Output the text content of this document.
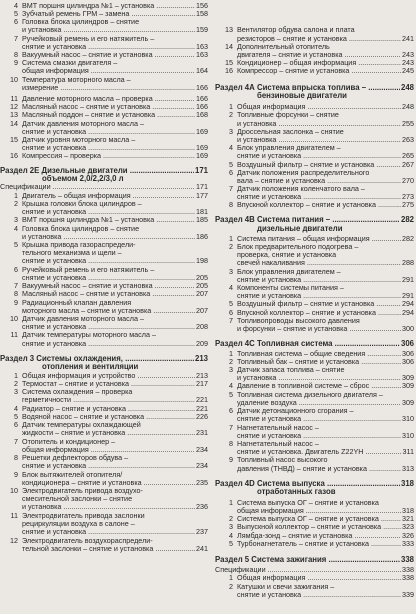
4 ВМТ поршня цилиндра №1 – установка .....	156
5 Зубчатый ремень ГРМ – замена .....	158
6 Головка блока цилиндров – снятие
и установка .....	159
7 Ручейковый ремень и его натяжитель –
снятие и установка .....	163
8 Вакуумный насос – снятие и установка .....	163
9 Система смазки двигателя –
общая информация .....	164
10 Температура моторного масла –
измерение .....	166
11 Давление моторного масла – проверка .....	166
12 Масляный насос – снятие и установка .....	166
13 Масляный поддон – снятие и установка .....	168
14 Датчик давления моторного масла –
снятие и установка .....	169
15 Датчик уровня моторного масла –
снятие и установка .....	169
16 Компрессия – проверка .....	169
Раздел 2E Дизельные двигатели .....	171
объемом 2,0/2,2/3,0 л
Спецификации .....	171
1 Двигатель – общая информация .....	177
2 Крышка головки блока цилиндров –
снятие и установка .....	181
3 ВМТ поршня цилиндра №1 – установка .....	185
4 Головка блока цилиндров – снятие
и установка .....	186
5 Крышка привода газораспредели-
тельного механизма и щели –
снятие и установка .....	198
6 Ручейковый ремень и его натяжитель –
снятие и установка .....	205
7 Вакуумный насос – снятие и установка .....	205
8 Масляный насос – снятие и установка .....	207
9 Радиационный клапан давления
моторного масла – снятие и установка .....	207
10 Датчик давления моторного масла –
снятие и установка .....	208
11 Датчик температуры моторного масла –
снятие и установка .....	209
Раздел 3 Системы охлаждения, .....	213
отопления и вентиляции
1 Общая информация и устройство .....	213
2 Термостат – снятие и установка .....	217
3 Система охлаждения – проверка
герметичности .....	221
4 Радиатор – снятие и установка .....	221
5 Водяной насос – снятие и установка .....	226
6 Датчик температуры охлаждающей
жидкости – снятие и установка .....	231
7 Отопитель и кондиционер –
общая информация .....	234
8 Решетки дефлекторов обдува –
снятие и установка .....	234
9 Блок вытяжителей отопителя/
кондиционера – снятие и установка .....	235
10 Электродвигатель привода воздухо-
смесительной заслонки – снятие
и установка .....	236
11 Электродвигатель привода заслонки
рециркуляции воздуха в салоне –
снятие и установка .....	237
12 Электродвигатель воздухораспредели-
тельной заслонки – снятие и установка .....	241
13 Вентилятор обдува салона и плата
резисторов – снятие и установка .....	241
14 Дополнительный отопитель
двигателя – снятие и установка .....	243
15 Кондиционер – общая информация .....	243
16 Компрессор – снятие и установка .....	245
Раздел 4А Система впрыска топлива – .....	248
бензиновые двигатели
1 Общая информация .....	248
2 Топливные форсунки – снятие
и установка .....	255
3 Дроссельная заслонка – снятие
и установка .....	263
4 Блок управления двигателем –
снятие и установка .....	265
5 Воздушный фильтр – снятие и установка .....	267
6 Датчик положения распределительного
вала – снятие и установка .....	270
7 Датчик положения коленчатого вала –
снятие и установка .....	273
8 Впускной коллектор – снятие и установка .....	275
Раздел 4В Система питания – .....	282
дизельные двигатели
1 Система питания – общая информация .....	282
2 Блок предварительного подогрева –
проверка, снятие и установка
свечей накаливания .....	288
3 Блок управления двигателем –
снятие и установка .....	291
4 Компоненты системы питания –
снятие и установка .....	291
5 Воздушный фильтр – снятие и установка .....	294
6 Впускной коллектор – снятие и установка .....	294
7 Топливопроводы высокого давления
и форсунки – снятие и установка .....	300
Раздел 4С Топливная система .....	306
1 Топливная система – общие сведения .....	306
2 Топливный бак – снятие и установка .....	306
3 Датчик запаса топлива – снятие
и установка .....	309
4 Давление в топливной системе – сброс .....	309
5 Топливная система дизельного двигателя –
удаление воздуха .....	309
6 Датчик детонационного сгорания –
снятие и установка .....	310
7 Нагнетательный насос –
снятие и установка .....	310
8 Нагнетательный насос –
снятие и установка. Двигатель Z22YH .....	311
9 Топливный насос высокого
давления (ТНВД) – снятие и установка .....	313
Раздел 4D Система выпуска .....	318
отработанных газов
1 Система выпуска ОГ – снятие и установка
общая информация .....	318
2 Система выпуска ОГ – снятие и установка .....	321
3 Выпускной коллектор – снятие и установка .....	323
4 Лямбда-зонд – снятие и установка .....	326
5 Турбонагнетатель – снятие и установка .....	333
Раздел 5 Система зажигания .....	338
Спецификации .....	338
1 Общая информация .....	338
2 Катушки и свечи зажигания –
снятие и установка .....	339
